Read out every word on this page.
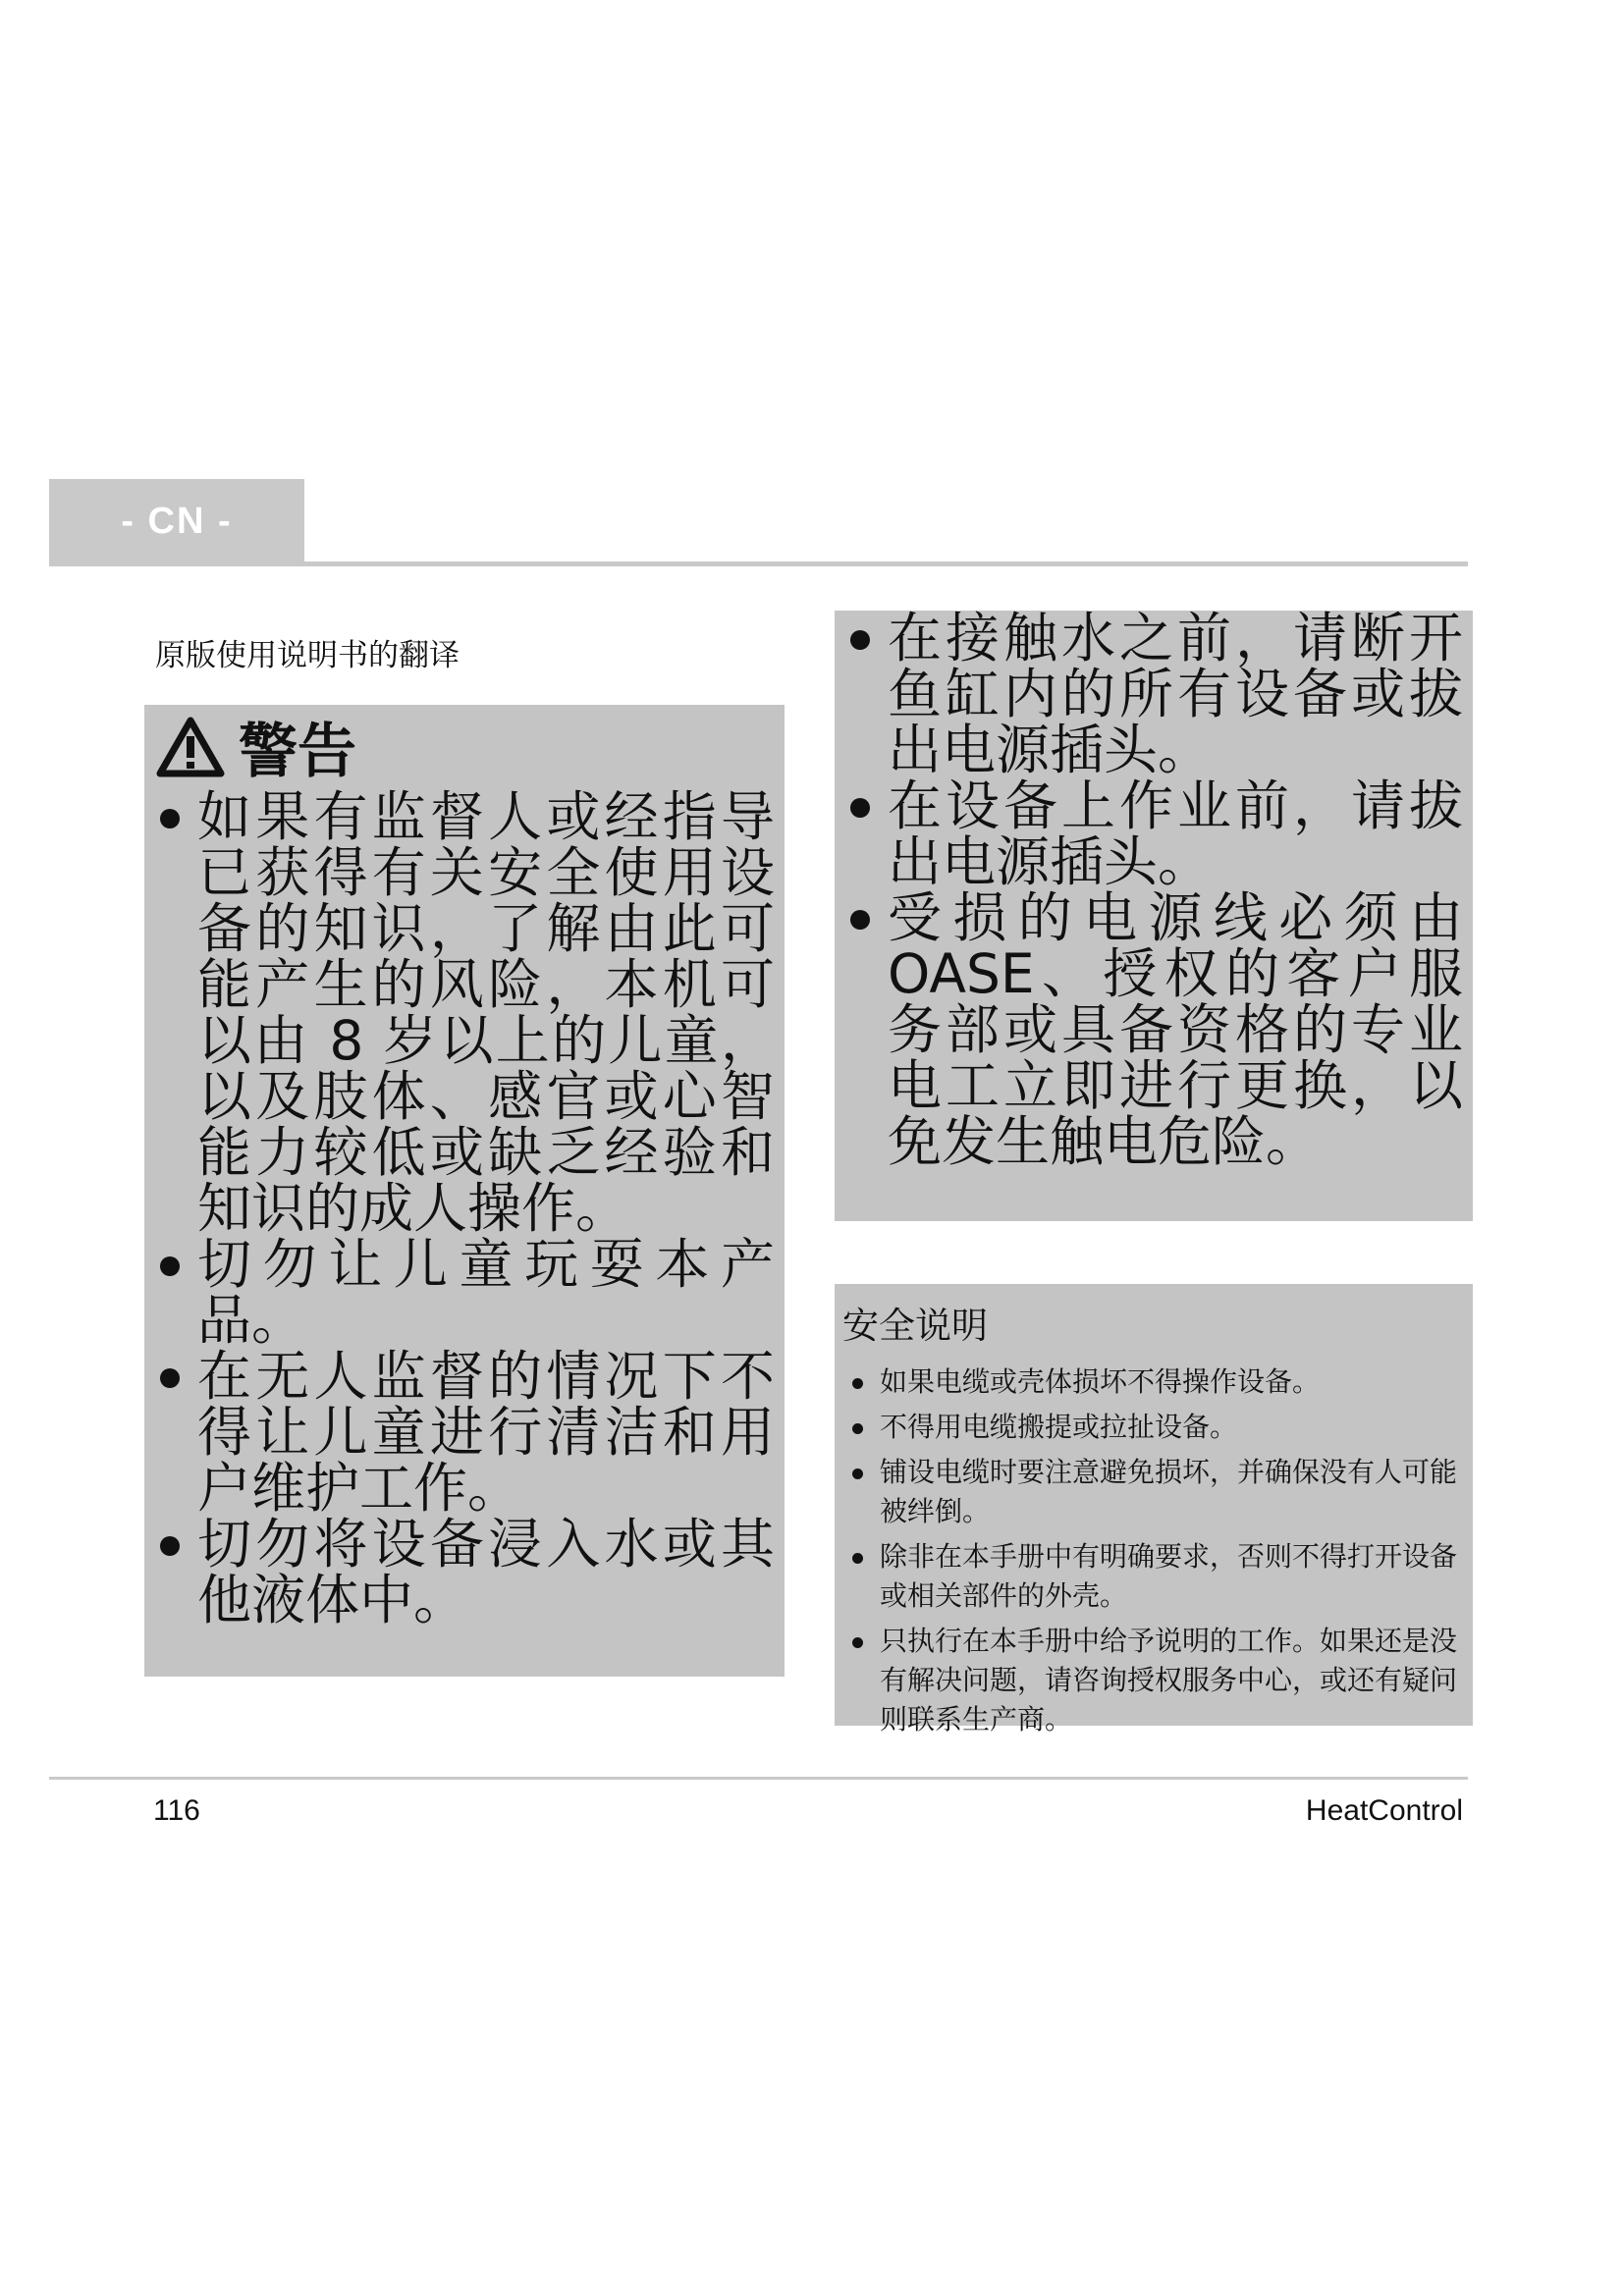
- CN -
原版使用说明书的翻译
警告
如果有监督人或经指导已获得有关安全使用设备的知识，了解由此可能产生的风险，本机可以由 8 岁以上的儿童，以及肢体、感官或心智能力较低或缺乏经验和知识的成人操作。
切勿让儿童玩耍本产品。
在无人监督的情况下不得让儿童进行清洁和用户维护工作。
切勿将设备浸入水或其他液体中。
在接触水之前，请断开鱼缸内的所有设备或拔出电源插头。
在设备上作业前，请拔出电源插头。
受损的电源线必须由 OASE、授权的客户服务部或具备资格的专业电工立即进行更换，以免发生触电危险。
安全说明
如果电缆或壳体损坏不得操作设备。
不得用电缆搬提或拉扯设备。
铺设电缆时要注意避免损坏，并确保没有人可能被绊倒。
除非在本手册中有明确要求，否则不得打开设备或相关部件的外壳。
只执行在本手册中给予说明的工作。如果还是没有解决问题，请咨询授权服务中心，或还有疑问则联系生产商。
116	HeatControl
